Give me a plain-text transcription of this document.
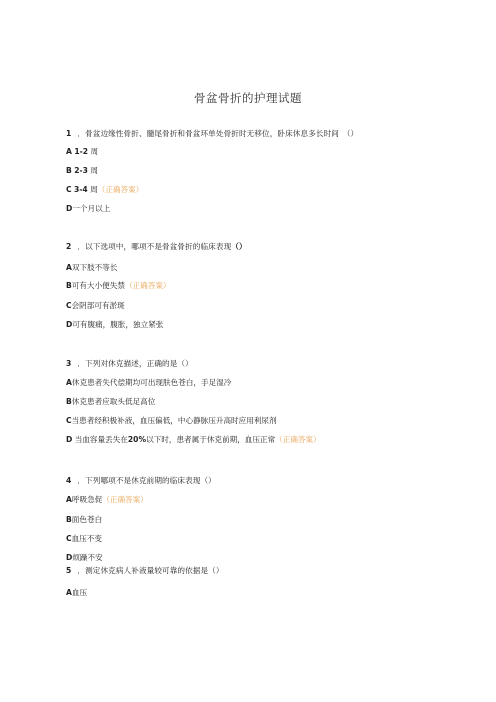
骨盆骨折的护理试题
1 ．骨盆边缘性骨折、髓尾骨折和骨盆环单处骨折时无移位，卧床休息多长时间　（）
A 1-2 周
B 2-3 周
C 3-4 周（正确答案）
D一个月以上
2 ．以下选项中，哪项不是骨盆骨折的临床表现（）
A双下肢不等长
B可有大小便失禁（正确答案）
C会阴部可有淤斑
D可有腹痛，腹胀，独立紧张
3 ．下列对休克描述，正确的是（）
A休克患者失代偿期均可出现肤色苍白，手足湿冷
B休克患者应取头低足高位
C当患者经积极补液，血压偏低，中心静脉压升高时应用利尿剂
D 当血容量丢失在20%以下时，患者属于休克前期，血压正常（正确答案）
4 ．下列哪项不是休克前期的临床表现（）
A呼吸急促（正确答案）
B面色苍白
C血压不变
D烦躁不安
5 ．测定休克病人补液量较可靠的依据是（）
A血压
